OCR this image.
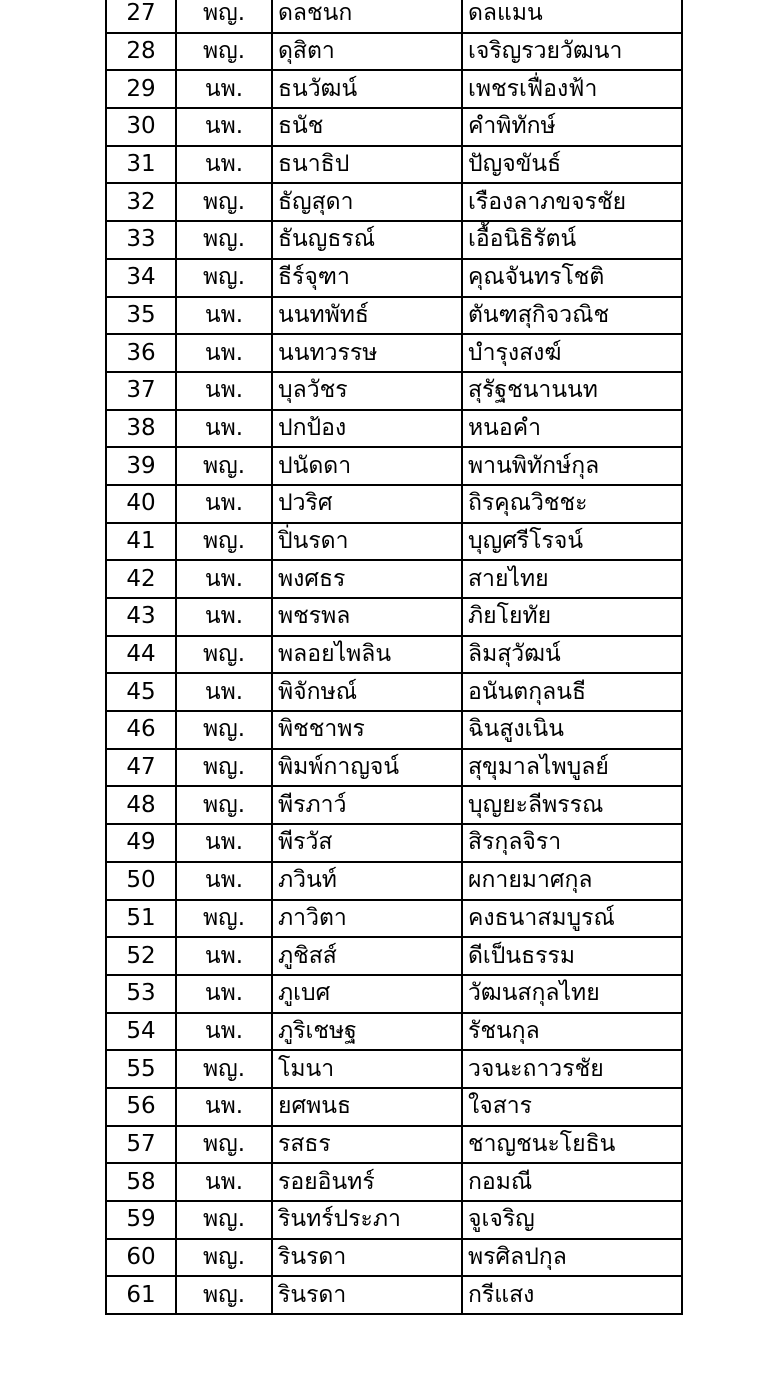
27	พญ.	ดลชนก	ดลแมน
28	พญ.	ดุสิตา	เจริญรวยวัฒนา
29	นพ.	ธนวัฒน์	เพชรเฟื่องฟ้า
30	นพ.	ธนัช	คำพิทักษ์
31	นพ.	ธนาธิป	ปัญจขันธ์
32	พญ.	ธัญสุดา	เรืองลาภขจรชัย
33	พญ.	ธันญธรณ์	เอื้อนิธิรัตน์
34	พญ.	ธีร์จุฑา	คุณจันทรโชติ
35	นพ.	นนทพัทธ์	ตันฑสุกิจวณิช
36	นพ.	นนทวรรษ	บำรุงสงฆ์
37	นพ.	บุลวัชร	สุรัฐชนานนท
38	นพ.	ปกป้อง	หนอคำ
39	พญ.	ปนัดดา	พานพิทักษ์กุล
40	นพ.	ปวริศ	ถิรคุณวิชชะ
41	พญ.	ปิ่นรดา	บุญศรีโรจน์
42	นพ.	พงศธร	สายไทย
43	นพ.	พชรพล	ภิยโยทัย
44	พญ.	พลอยไพลิน	ลิมสุวัฒน์
45	นพ.	พิจักษณ์	อนันตกุลนธี
46	พญ.	พิชชาพร	ฉินสูงเนิน
47	พญ.	พิมพ์กาญจน์	สุขุมาลไพบูลย์
48	พญ.	พีรภาว์	บุญยะลีพรรณ
49	นพ.	พีรวัส	สิรกุลจิรา
50	นพ.	ภวินท์	ผกายมาศกุล
51	พญ.	ภาวิตา	คงธนาสมบูรณ์
52	นพ.	ภูชิสส์	ดีเป็นธรรม
53	นพ.	ภูเบศ	วัฒนสกุลไทย
54	นพ.	ภูริเชษฐ	รัชนกุล
55	พญ.	โมนา	วจนะถาวรชัย
56	นพ.	ยศพนธ	ใจสาร
57	พญ.	รสธร	ชาญชนะโยธิน
58	นพ.	รอยอินทร์	กอมณี
59	พญ.	รินทร์ประภา	จูเจริญ
60	พญ.	รินรดา	พรศิลปกุล
61	พญ.	รินรดา	กรีแสง
